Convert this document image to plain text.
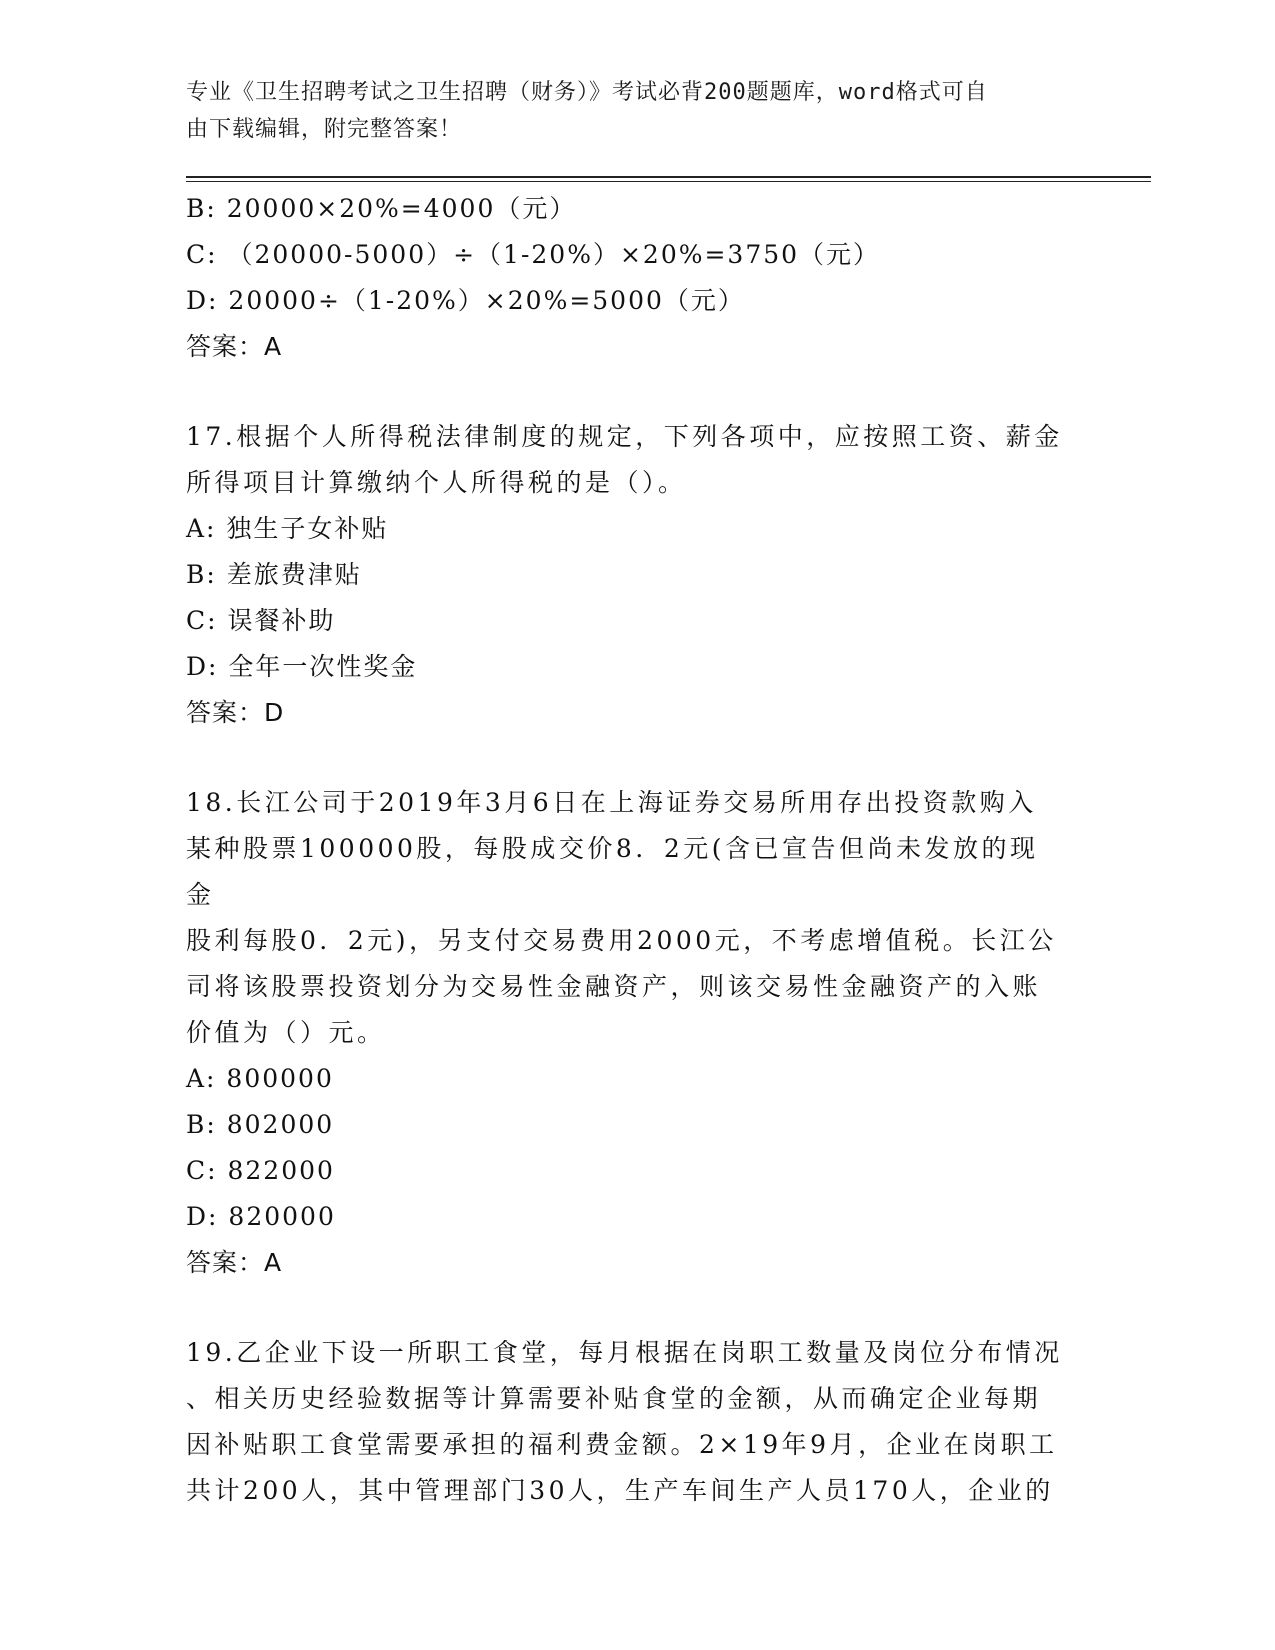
专业《卫生招聘考试之卫生招聘（财务）》考试必背200题题库，word格式可自
由下载编辑，附完整答案！
B: 20000×20%=4000（元）
C: （20000-5000）÷（1-20%）×20%=3750（元）
D: 20000÷（1-20%）×20%=5000（元）
答案：A
17.根据个人所得税法律制度的规定，下列各项中，应按照工资、薪金
所得项目计算缴纳个人所得税的是（）。
A: 独生子女补贴
B: 差旅费津贴
C: 误餐补助
D: 全年一次性奖金
答案：D
18.长江公司于2019年3月6日在上海证券交易所用存出投资款购入
某种股票100000股，每股成交价8．2元(含已宣告但尚未发放的现金
股利每股0．2元)，另支付交易费用2000元，不考虑增值税。长江公
司将该股票投资划分为交易性金融资产，则该交易性金融资产的入账
价值为（）元。
A: 800000
B: 802000
C: 822000
D: 820000
答案：A
19.乙企业下设一所职工食堂，每月根据在岗职工数量及岗位分布情况
、相关历史经验数据等计算需要补贴食堂的金额，从而确定企业每期
因补贴职工食堂需要承担的福利费金额。2×19年9月，企业在岗职工
共计200人，其中管理部门30人，生产车间生产人员170人，企业的
